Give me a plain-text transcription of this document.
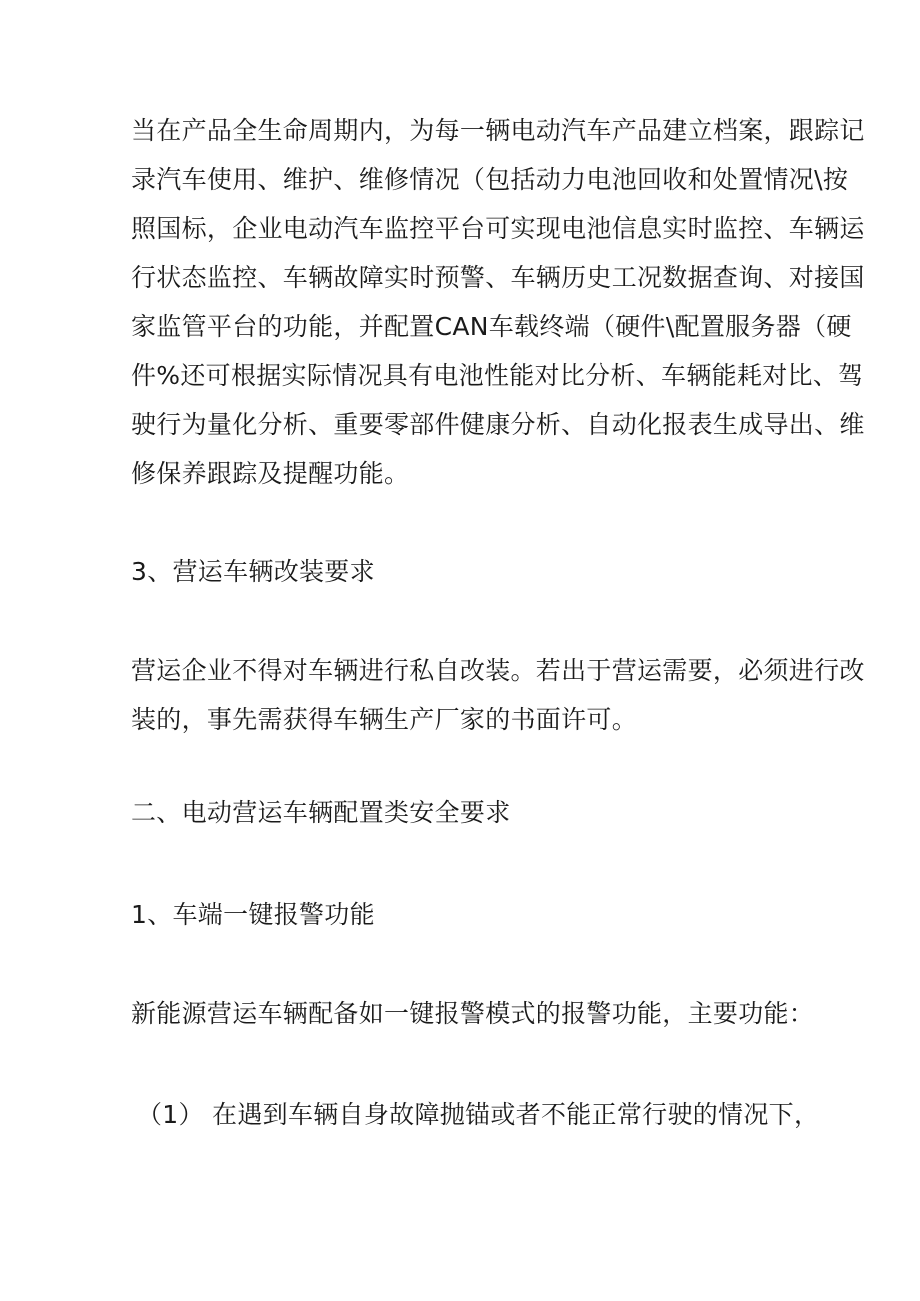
当在产品全生命周期内，为每一辆电动汽车产品建立档案，跟踪记
录汽车使用、维护、维修情况（包括动力电池回收和处置情况\按
照国标，企业电动汽车监控平台可实现电池信息实时监控、车辆运
行状态监控、车辆故障实时预警、车辆历史工况数据查询、对接国
家监管平台的功能，并配置CAN车载终端（硬件\配置服务器（硬
件%还可根据实际情况具有电池性能对比分析、车辆能耗对比、驾
驶行为量化分析、重要零部件健康分析、自动化报表生成导出、维
修保养跟踪及提醒功能。
3、营运车辆改装要求
营运企业不得对车辆进行私自改装。若出于营运需要，必须进行改
装的，事先需获得车辆生产厂家的书面许可。
二、电动营运车辆配置类安全要求
1、车端一键报警功能
新能源营运车辆配备如一键报警模式的报警功能，主要功能：
（1） 在遇到车辆自身故障抛锚或者不能正常行驶的情况下，
